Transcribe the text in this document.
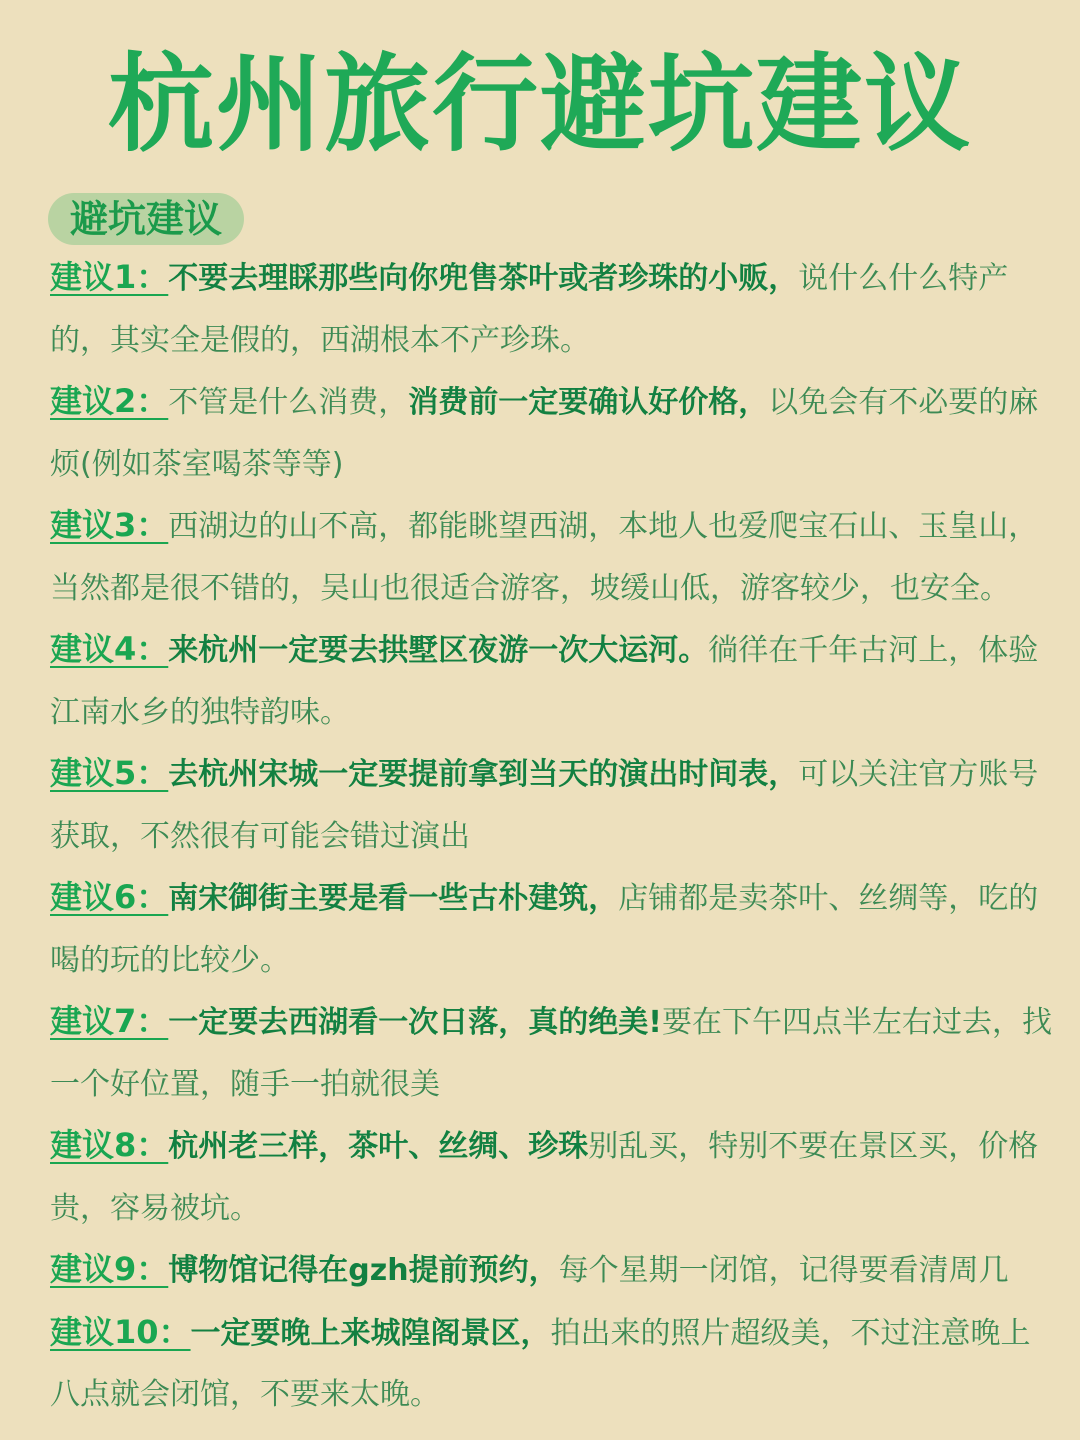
杭州旅行避坑建议
避坑建议

建议1：不要去理睬那些向你兜售茶叶或者珍珠的小贩，说什么什么特产的，其实全是假的，西湖根本不产珍珠。

建议2：不管是什么消费，消费前一定要确认好价格，以免会有不必要的麻烦(例如茶室喝茶等等)

建议3：西湖边的山不高，都能眺望西湖，本地人也爱爬宝石山、玉皇山，当然都是很不错的，吴山也很适合游客，坡缓山低，游客较少，也安全。

建议4：来杭州一定要去拱墅区夜游一次大运河。徜徉在千年古河上，体验江南水乡的独特韵味。

建议5：去杭州宋城一定要提前拿到当天的演出时间表，可以关注官方账号获取，不然很有可能会错过演出

建议6：南宋御街主要是看一些古朴建筑，店铺都是卖茶叶、丝绸等，吃的喝的玩的比较少。

建议7：一定要去西湖看一次日落，真的绝美!要在下午四点半左右过去，找一个好位置，随手一拍就很美

建议8：杭州老三样，茶叶、丝绸、珍珠别乱买，特别不要在景区买，价格贵，容易被坑。

建议9：博物馆记得在gzh提前预约，每个星期一闭馆，记得要看清周几

建议10：一定要晚上来城隍阁景区，拍出来的照片超级美，不过注意晚上八点就会闭馆，不要来太晚。
